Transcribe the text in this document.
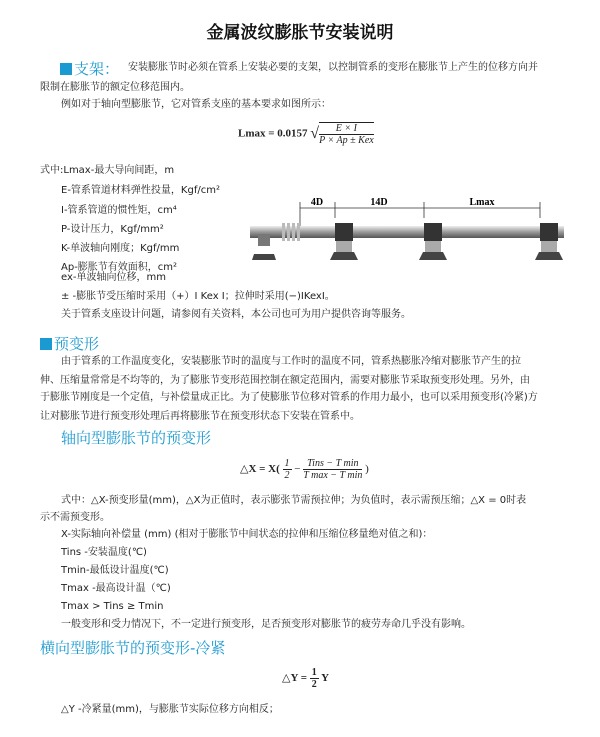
金属波纹膨胀节安装说明
支架： 安装膨胀节时必须在管系上安装必要的支架，以控制管系的变形在膨胀节上产生的位移方向并
限制在膨胀节的额定位移范围内。
例如对于轴向型膨胀节，它对管系支座的基本要求如图所示：
Lmax = 0.0157 √ $\frac{E \times I}{\text{P × Ap ± Kex}}$
式中:Lmax-最大导向间距，m
E-管系管道材料弹性投量，Kgf/cm²
I-管系管道的惯性矩，cm⁴
P-设计压力，Kgf/mm²
K-单波轴向刚度；Kgf/mm
Ap-膨胀节有效面积，cm²
ex-单波轴向位移，mm
± -膨胀节受压缩时采用（+）I Kex I；拉伸时采用(−)IKexI。
关于管系支座设计问题，请参阅有关资料，本公司也可为用户提供咨询等服务。
4D	14D	Lmax
预变形
由于管系的工作温度变化，安装膨胀节时的温度与工作时的温度不同，管系热膨胀冷缩对膨胀节产生的拉
伸、压缩量常常是不均等的，为了膨胀节变形范围控制在额定范围内，需要对膨胀节采取预变形处理。另外，由
于膨胀节刚度是一个定值，与补偿量成正比。为了使膨胀节位移对管系的作用力最小，也可以采用预变形(冷紧)方
让对膨胀节进行预变形处理后再将膨胀节在预变形状态下安装在管系中。
轴向型膨胀节的预变形
△X = $X( \frac{1}{2} - \frac{\text{Tins − T min}}{\text{T max − T min}}$ )
式中：△X-预变形量(mm)，△X为正值时，表示膨张节需预拉伸；为负值时，表示需预压缩；△X = 0时表
示不需预变形。
X-实际轴向补偿量 (mm) (相对于膨胀节中间状态的拉伸和压缩位移量绝对值之和)：
Tins -安装温度(℃)
Tmin-最低设计温度(℃)
Tmax -最高设计温（℃)
Tmax > Tins ≥ Tmin
一般变形和受力情况下，不一定进行预变形，足否预变形对膨胀节的疲劳寿命几乎没有影响。
横向型膨胀节的预变形-冷紧
△Y = $\frac{1}{2}$ Y
△Y -冷紧量(mm)，与膨胀节实际位移方向相反；
